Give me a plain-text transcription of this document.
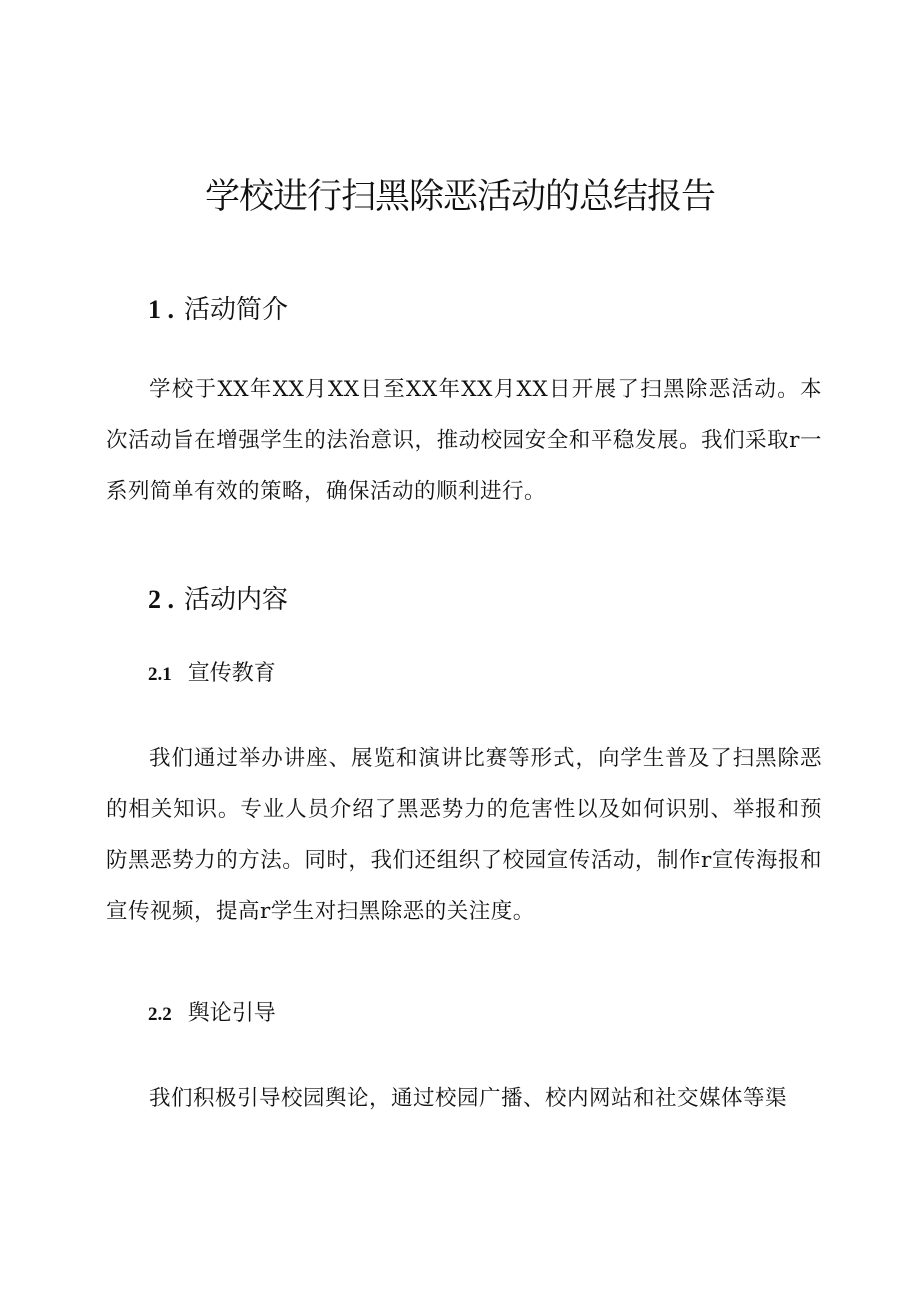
学校进行扫黑除恶活动的总结报告
1 . 活动简介
学校于XX年XX月XX日至XX年XX月XX日开展了扫黑除恶活动。本次活动旨在增强学生的法治意识，推动校园安全和平稳发展。我们采取r一系列简单有效的策略，确保活动的顺利进行。
2 . 活动内容
2.1 宣传教育
我们通过举办讲座、展览和演讲比赛等形式，向学生普及了扫黑除恶的相关知识。专业人员介绍了黑恶势力的危害性以及如何识别、举报和预防黑恶势力的方法。同时，我们还组织了校园宣传活动，制作r宣传海报和宣传视频，提高r学生对扫黑除恶的关注度。
2.2 舆论引导
我们积极引导校园舆论，通过校园广播、校内网站和社交媒体等渠
